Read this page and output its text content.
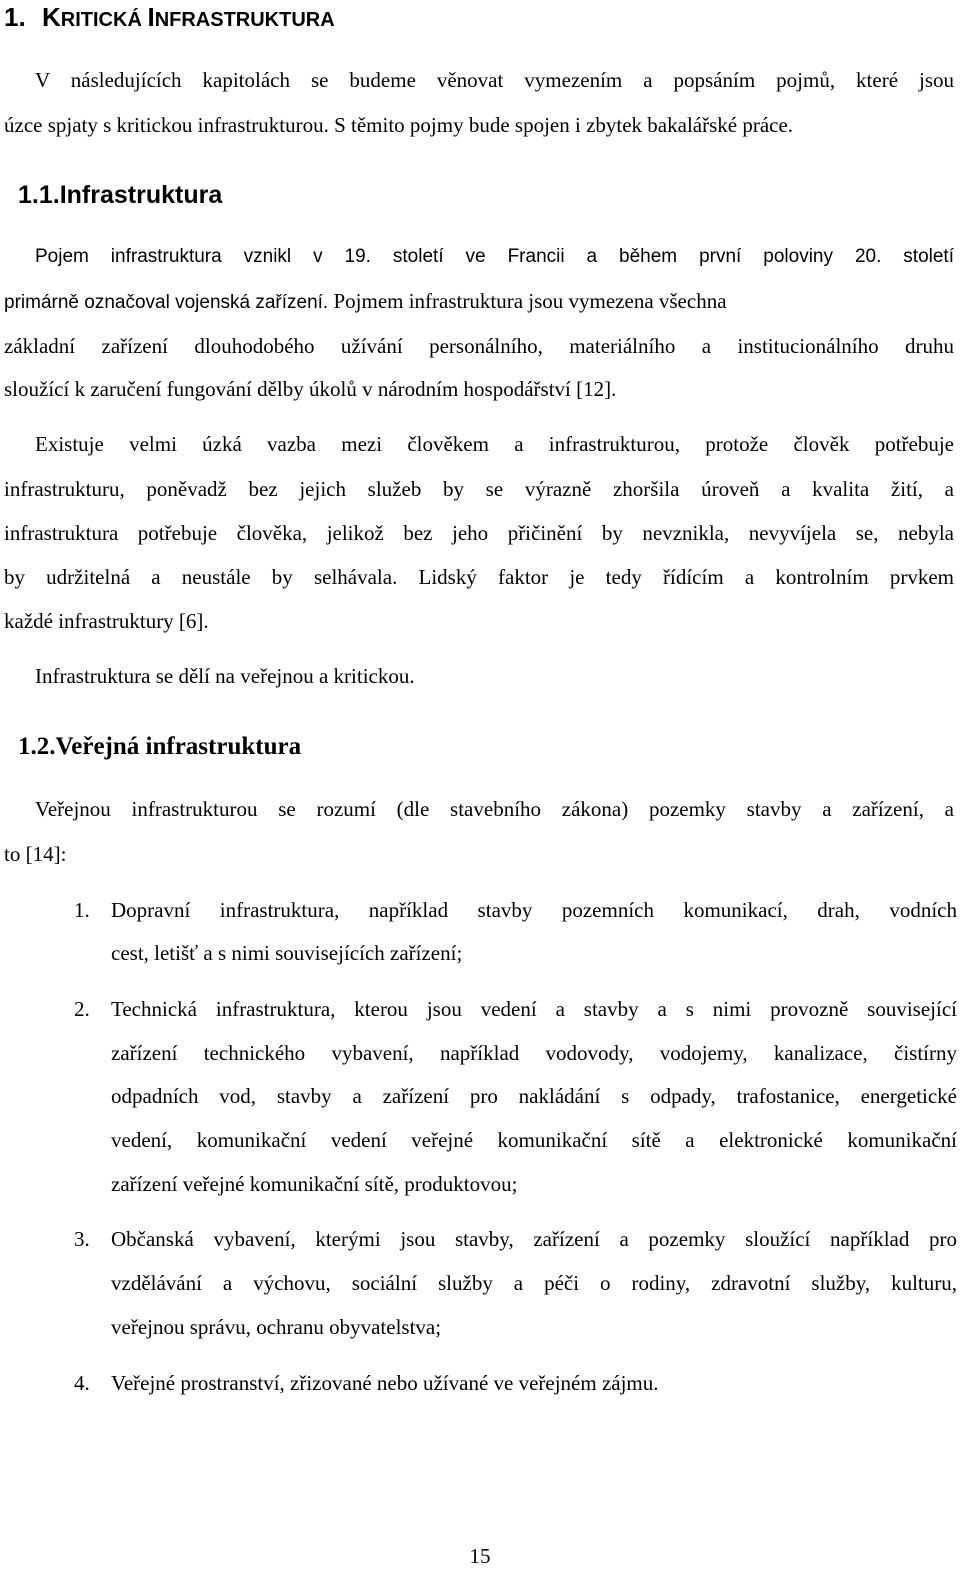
1. KRITICKÁ INFRASTRUKTURA
V následujících kapitolách se budeme věnovat vymezením a popsáním pojmů, které jsou
úzce spjaty s kritickou infrastrukturou. S těmito pojmy bude spojen i zbytek bakalářské práce.
1.1.Infrastruktura
Pojem infrastruktura vznikl v 19. století ve Francii a během první poloviny 20. století
primárně označoval vojenská zařízení. Pojmem infrastruktura jsou vymezena všechna
základní zařízení dlouhodobého užívání personálního, materiálního a institucionálního druhu
sloužící k zaručení fungování dělby úkolů v národním hospodářství [12].
Existuje velmi úzká vazba mezi člověkem a infrastrukturou, protože člověk potřebuje
infrastrukturu, poněvadž bez jejich služeb by se výrazně zhoršila úroveň a kvalita žití, a
infrastruktura potřebuje člověka, jelikož bez jeho přičinění by nevznikla, nevyvíjela se, nebyla
by udržitelná a neustále by selhávala. Lidský faktor je tedy řídícím a kontrolním prvkem
každé infrastruktury [6].
Infrastruktura se dělí na veřejnou a kritickou.
1.2.Veřejná infrastruktura
Veřejnou infrastrukturou se rozumí (dle stavebního zákona) pozemky stavby a zařízení, a
to [14]:
1. Dopravní infrastruktura, například stavby pozemních komunikací, drah, vodních
cest, letišť a s nimi souvisejících zařízení;
2. Technická infrastruktura, kterou jsou vedení a stavby a s nimi provozně související
zařízení technického vybavení, například vodovody, vodojemy, kanalizace, čistírny
odpadních vod, stavby a zařízení pro nakládání s odpady, trafostanice, energetické
vedení, komunikační vedení veřejné komunikační sítě a elektronické komunikační
zařízení veřejné komunikační sítě, produktovou;
3. Občanská vybavení, kterými jsou stavby, zařízení a pozemky sloužící například pro
vzdělávání a výchovu, sociální služby a péči o rodiny, zdravotní služby, kulturu,
veřejnou správu, ochranu obyvatelstva;
4. Veřejné prostranství, zřizované nebo užívané ve veřejném zájmu.
15
